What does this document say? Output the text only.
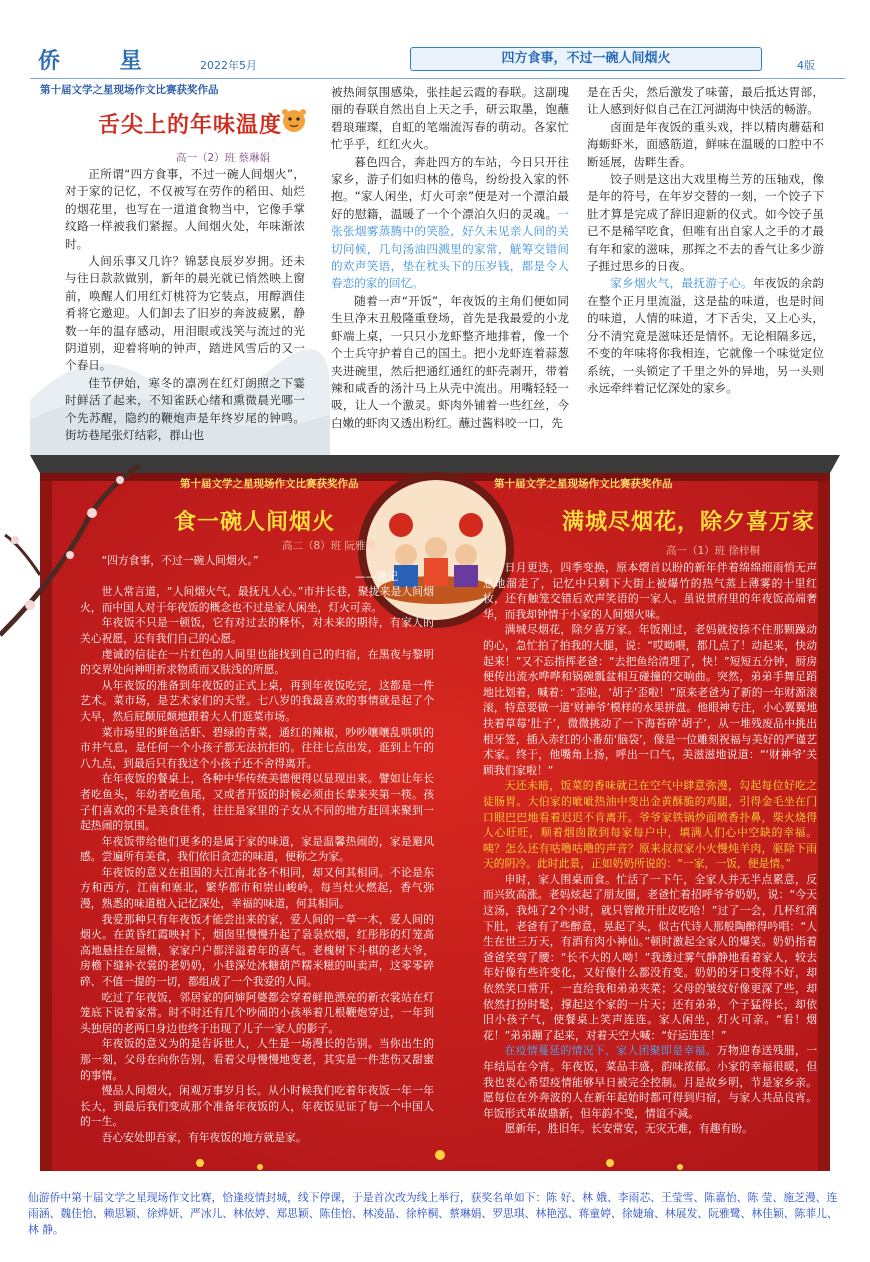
侨 星	2022年5月	四方食事，不过一碗人间烟火	4版
第十届文学之星现场作文比赛获奖作品
舌尖上的年味温度
高一（2）班 蔡琳娟

正所谓“四方食事，不过一碗人间烟火”，对于家的记忆，不仅被写在劳作的稻田、灿烂的烟花里，也写在一道道食物当中，它像手掌纹路一样被我们紧握。人间烟火处，年味渐浓时。

人间乐事又几许？锦瑟良辰岁岁拥。还未与往日款款做别，新年的晨光就已悄然映上窗前，唤醒人们用红灯桃符为它装点，用醇酒佳肴将它邀迎。人们卸去了旧岁的奔波疲累，静数一年的温存感动，用泪眼或浅笑与流过的光阴道别，迎着将响的钟声，踏进风雪后的又一个春日。

佳节伊始，寒冬的凛冽在红灯朗照之下霎时鲜活了起来，不知雀跃心绪和熏微晨光哪一个先苏醒，隐约的鞭炮声是年终岁尾的钟鸣。街坊巷尾张灯结彩，群山也

被热闹氛围感染，张挂起云霞的春联。这副瑰丽的春联自然出自上天之手，研云取墨，饱蘸碧琅璀璨，自虹的笔端流泻春的萌动。各家忙忙乎乎，红红火火。

暮色四合，奔赴四方的车站，今日只开往家乡，游子们如归林的倦鸟，纷纷投入家的怀抱。“家人闲坐，灯火可亲”便是对一个漂泊最好的慰籍，温暖了一个个漂泊久归的灵魂。一张张烟雾蒸腾中的笑脸，好久未见亲人间的关切问候，几句汤油四溅里的家常，觥筹交错间的欢声笑语，垫在枕头下的压岁钱，都是令人眷恋的家的回忆。

随着一声“开饭”，年夜饭的主角们便如同生旦净末丑般隆重登场，首先是我最爱的小龙虾端上桌，一只只小龙虾整齐地排着，像一个个士兵守护着自己的国土。把小龙虾连着蒜葱夹进碗里，然后把通红通红的虾壳剥开，带着辣和咸香的汤汁马上从壳中流出。用嘴轻轻一吸，让人一个激灵。虾肉外铺着一些红丝，今白嫩的虾肉又透出粉红。蘸过酱料咬一口，先

是在舌尖，然后激发了味蕾，最后抵达胃部，让人感到好似自己在江河湖海中快活的畅游。

卤面是年夜饭的重头戏，拌以精肉蘑菇和海蛎虾米，面感筋道，鲜味在温暖的口腔中不断延展，齿畔生香。

饺子则是这出大戏里梅兰芳的压轴戏，像是年的符号，在年岁交替的一刻，一个饺子下肚才算是完成了辞旧迎新的仪式。如今饺子虽已不是稀罕吃食，但唯有出自家人之手的才最有年和家的滋味，那挥之不去的香气让多少游子捱过思乡的日夜。

家乡烟火气，最抚游子心。年夜饭的余韵在整个正月里流溢，这是盐的味道，也是时间的味道，人情的味道，才下舌尖，又上心头，分不清究竟是滋味还是情怀。无论相隔多远，不变的年味将你我相连，它就像一个味觉定位系统，一头锁定了千里之外的异地，另一头则永远牵绊着记忆深处的家乡。

第十届文学之星现场作文比赛获奖作品	第十届文学之星现场作文比赛获奖作品
食一碗人间烟火	满城尽烟花，除夕喜万家
高二（8）班 阮雅鹭	高一（1）班 徐梓桐

“四方食事，不过一碗人间烟火。”

——题记

世人常言道，“人间烟火气，最抚凡人心。”市井长巷，聚拢来是人间烟火，而中国人对于年夜饭的概念也不过是家人闲坐，灯火可亲。

年夜饭不只是一顿饭，它有对过去的释怀，对未来的期待，有家人的关心祝愿，还有我们自己的心愿。

虔诚的信徒在一片红色的人间里也能找到自己的归宿，在黑夜与黎明的交界处向神明祈求物质而又肤浅的所愿。

从年夜饭的准备到年夜饭的正式上桌，再到年夜饭吃完，这都是一件艺术。菜市场，是艺术家们的天堂。七八岁的我最喜欢的事情就是起了个大早，然后屁颠屁颠地跟着大人们逛菜市场。

菜市场里的鲜鱼活虾、碧绿的青菜，通红的辣椒，吵吵嚷嚷乱哄哄的市井气息，是任何一个小孩子都无法抗拒的。往往七点出发，逛到上午的八九点，到最后只有我这个小孩子还不舍得离开。

在年夜饭的餐桌上，各种中华传统美德便得以显现出来。譬如让年长者吃鱼头，年幼者吃鱼尾，又或者开饭的时候必须由长辈来夹第一筷。孩子们喜欢的不是美食佳肴，往往是家里的子女从不同的地方赶回来聚到一起热闹的氛围。

年夜饭带给他们更多的是属于家的味道，家是温馨热闹的，家是避风感。尝遍所有美食，我们依旧贪恋的味道，便称之为家。

年夜饭的意义在祖国的大江南北各不相同，却又何其相同。不论是东方和西方，江南和塞北，繁华都市和崇山峻岭。每当灶火燃起，香气弥漫，熟悉的味道植入记忆深处，幸福的味道，何其相同。

我爱那种只有年夜饭才能尝出来的家，爱人间的一草一木，爱人间的烟火。在黄昏红霞映衬下，烟囱里慢慢升起了袅袅炊烟，红彤彤的灯笼高高地悬挂在屋檐，家家户户都洋溢着年的喜气。老槐树下斗棋的老大爷，房檐下缝补衣裳的老奶奶，小巷深处冰糖葫芦糯米糍的叫卖声，这零零碎碎、不值一提的一切，都组成了一个我爱的人间。

吃过了年夜饭，邻居家的阿婶阿婆都会穿着鲜艳漂亮的新衣裳站在灯笼底下说着家常。时不时还有几个吵闹的小孩举着几根鞭炮穿过，一年到头独居的老两口身边也终于出现了儿子一家人的影子。

年夜饭的意义为的是告诉世人，人生是一场漫长的告别。当你出生的那一刻，父母在向你告别，看着父母慢慢地变老，其实是一件悲伤又甜蜜的事情。

慢品人间烟火，闲观万事岁月长。从小时候我们吃着年夜饭一年一年长大，到最后我们变成那个准备年夜饭的人，年夜饭见证了每一个中国人的一生。

吾心安处即吾家，有年夜饭的地方就是家。

日月更迭，四季变换，原本熠首以盼的新年伴着绵绵细雨悄无声息地溜走了，记忆中只剩下大街上被爆竹的热气蒸上薄雾的十里红妆，还有触笼交错后欢声笑语的一家人。虽说贯府里的年夜饭高端奢华，而我却钟情于小家的人间烟火味。

满城尽烟花，除夕喜万家。年饭刚过，老妈就按捺不住那颗躁动的心，急忙拍了拍我的大腿，说：“哎呦喂，都几点了！动起来，快动起来！”又不忘指挥老爸：“去把鱼给清理了，快！”短短五分钟，厨房便传出流水哗哗和锅碗瓢盆相互碰撞的交响曲。突然，弟弟手舞足蹈地比划着，喊着：“歪啦，‘胡子’歪啦！”原来老爸为了新的一年财源滚滚，特意要做一道‘财神爷’模样的水果拼盘。他眼神专注，小心翼翼地扶着草莓‘肚子’，微微挑动了一下海苔碎‘胡子’，从一堆残废品中挑出根牙签，插入赤红的小番茄‘脑袋’，像是一位雕刻祝福与美好的严谨艺术家。终于，他嘴角上扬，呼出一口气，美滋滋地说道：“‘财神爷’关顾我们家啦！”

天还未暗，饭菜的香味就已在空气中肆意弥漫，勾起每位好吃之徒肠胃。大伯家的呲呲热油中变出金黄酥脆的鸡腿，引得金毛坐在门口眼巴巴地看着迟迟不肯离开。爷爷家铁锅炒面喷香扑鼻，柴火烧得人心旺旺，顺着烟囱散到每家每户中，填满人们心中空缺的幸福。咦？怎么还有咕噜咕噜的声音？原来叔叔家小火慢炖羊肉，驱除下雨天的阴冷。此时此景，正如奶奶所说的：“一家，一饭，便是情。”

申时，家人围桌而食。忙活了一下午，全家人并无半点累意，反而兴致高涨。老妈炫起了朋友圈，老爸忙着招呼爷爷奶奶，说：“今天这汤，我炖了2个小时，就只管敞开肚皮吃哈！”过了一会，几杯红酒下肚，老爸有了些醉意，晃起了头，似古代诗人那般陶醉得吟唱：“人生在世三万天，有酒有肉小神仙。”顿时激起全家人的爆笑。奶奶指着爸爸笑弯了腰：“长不大的人呦！”我透过雾气静静地看着家人，较去年好像有些许变化，又好像什么都没有变。奶奶的牙口变得不好，却依然笑口常开，一直给我和弟弟夹菜；父母的皱纹好像更深了些，却依然打扮时髦，撑起这个家的一片天；还有弟弟，个子猛得长，却依旧小孩子气，使餐桌上笑声连连。家人闲坐，灯火可亲。“看！烟花！”弟弟蹦了起来，对着天空大喊：“好运连连！”

在疫情蔓延的情况下，家人团聚即是幸福。万物迎春送残腊，一年结局在今宵。年夜饭，菜品丰盛，韵味浓郁。小家的幸福很暖，但我也衷心希望疫情能够早日被完全控制。月是故乡明，节是家乡亲。愿每位在外奔波的人在新年起始时都可得到归宿，与家人共品良宵。年饭形式革故鼎新，但年韵不变，情谊不减。

愿新年，胜旧年。长安常安，无灾无难，有趣有盼。

仙游侨中第十届文学之星现场作文比赛，恰逢疫情封城，线下停课，于是首次改为线上举行，获奖名单如下：陈 好、林 娥、李雨芯、王莹雪、陈嘉怡、陈 莹、施芝漫、连雨涵、魏佳怡、赖思颖、徐烨妍、严冰儿、林依婷、郑思颖、陈佳怡、林凌晶、徐梓桐、蔡琳娟、罗思琪、林艳泓、蒋童婷、徐婕瑜、林展发、阮雅鹭、林佳颖、陈菲儿、林 静。
